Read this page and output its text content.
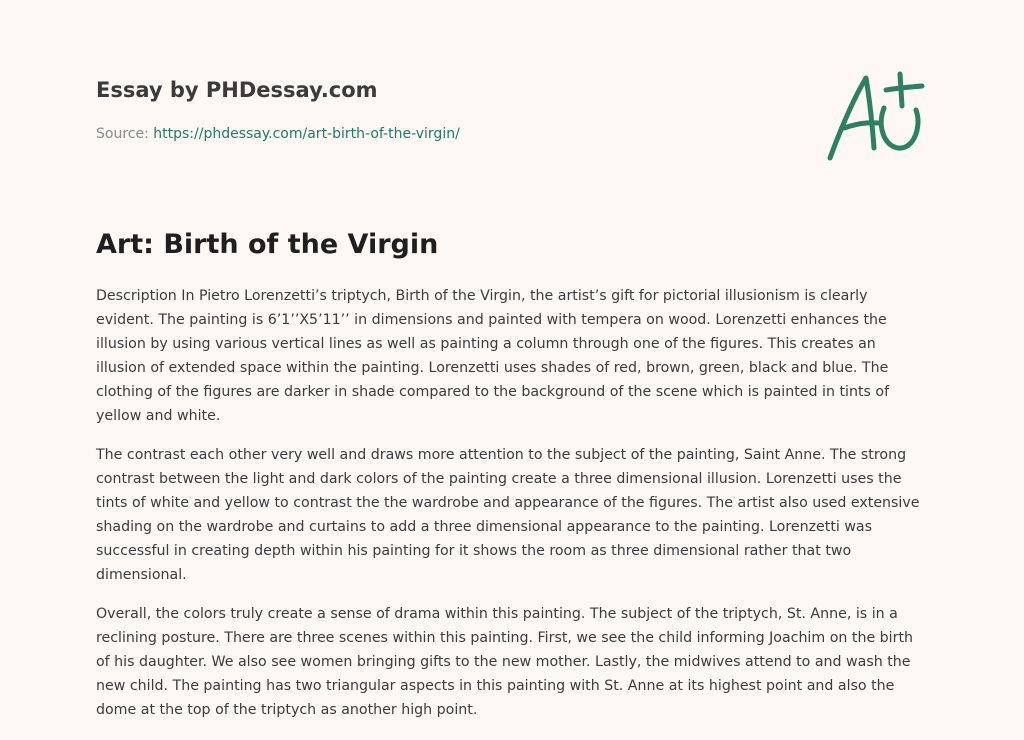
Essay by PHDessay.com
Source: https://phdessay.com/art-birth-of-the-virgin/
Art: Birth of the Virgin

Description In Pietro Lorenzetti’s triptych, Birth of the Virgin, the artist’s gift for pictorial illusionism is clearly evident. The painting is 6’1’’X5’11’’ in dimensions and painted with tempera on wood. Lorenzetti enhances the illusion by using various vertical lines as well as painting a column through one of the figures. This creates an illusion of extended space within the painting. Lorenzetti uses shades of red, brown, green, black and blue. The clothing of the figures are darker in shade compared to the background of the scene which is painted in tints of yellow and white.

The contrast each other very well and draws more attention to the subject of the painting, Saint Anne. The strong contrast between the light and dark colors of the painting create a three dimensional illusion. Lorenzetti uses the tints of white and yellow to contrast the the wardrobe and appearance of the figures. The artist also used extensive shading on the wardrobe and curtains to add a three dimensional appearance to the painting. Lorenzetti was successful in creating depth within his painting for it shows the room as three dimensional rather that two dimensional.

Overall, the colors truly create a sense of drama within this painting. The subject of the triptych, St. Anne, is in a reclining posture. There are three scenes within this painting. First, we see the child informing Joachim on the birth of his daughter. We also see women bringing gifts to the new mother. Lastly, the midwives attend to and wash the new child. The painting has two triangular aspects in this painting with St. Anne at its highest point and also the dome at the top of the triptych as another high point.
